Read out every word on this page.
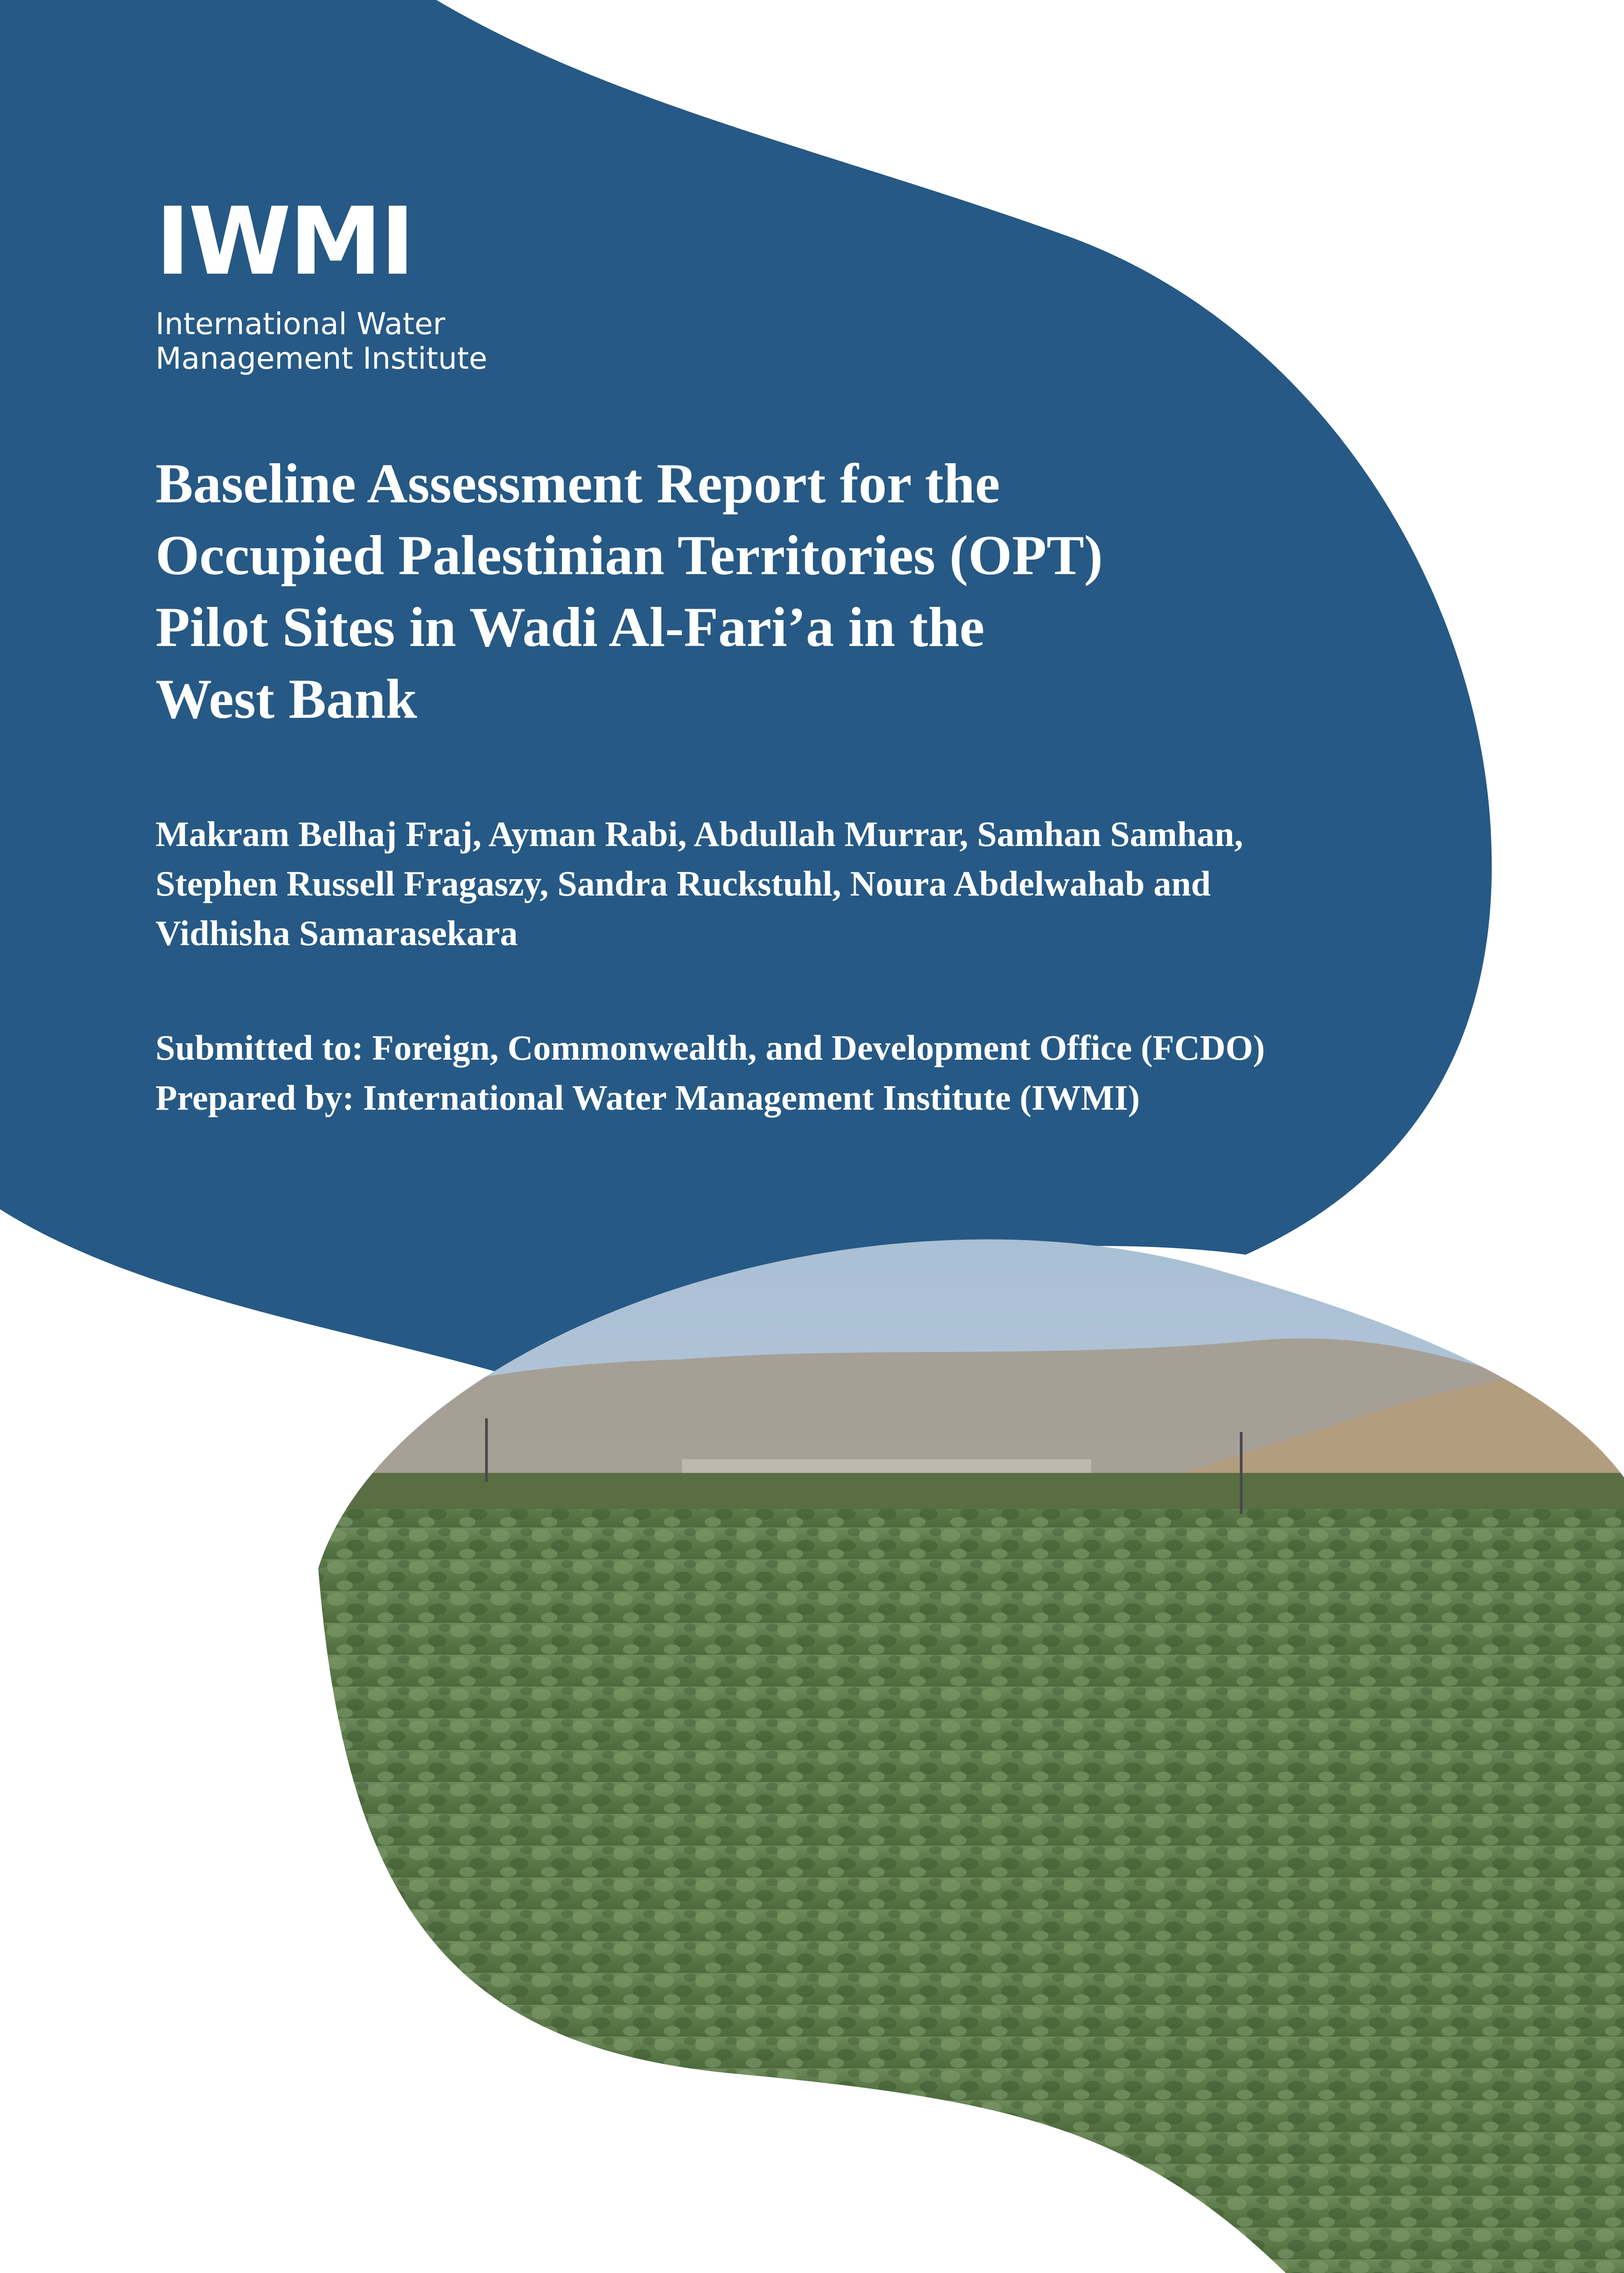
IWMI
International Water
Management Institute
Baseline Assessment Report for the
Occupied Palestinian Territories (OPT)
Pilot Sites in Wadi Al-Fari’a in the
West Bank
Makram Belhaj Fraj, Ayman Rabi, Abdullah Murrar, Samhan Samhan,
Stephen Russell Fragaszy, Sandra Ruckstuhl, Noura Abdelwahab and
Vidhisha Samarasekara
Submitted to: Foreign, Commonwealth, and Development Office (FCDO)
Prepared by: International Water Management Institute (IWMI)
